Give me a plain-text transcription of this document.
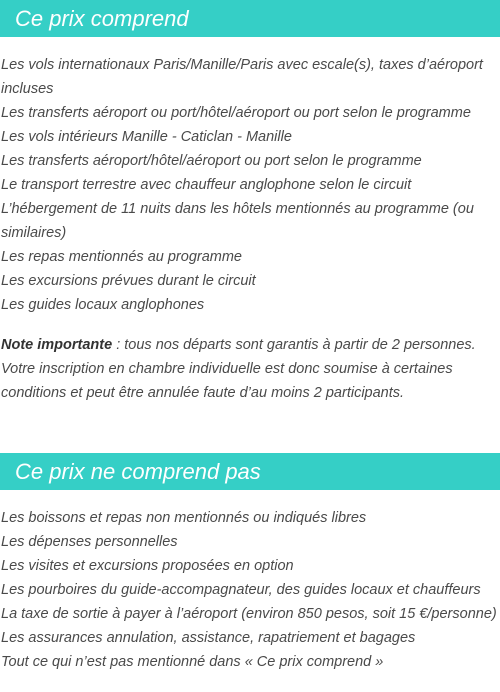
Ce prix comprend
Les vols internationaux Paris/Manille/Paris avec escale(s), taxes d’aéroport incluses
Les transferts aéroport ou port/hôtel/aéroport ou port selon le programme
Les vols intérieurs Manille - Caticlan - Manille
Les transferts aéroport/hôtel/aéroport ou port selon le programme
Le transport terrestre avec chauffeur anglophone selon le circuit
L’hébergement de 11 nuits dans les hôtels mentionnés au programme (ou similaires)
Les repas mentionnés au programme
Les excursions prévues durant le circuit
Les guides locaux anglophones
Note importante : tous nos départs sont garantis à partir de 2 personnes. Votre inscription en chambre individuelle est donc soumise à certaines conditions et peut être annulée faute d’au moins 2 participants.
Ce prix ne comprend pas
Les boissons et repas non mentionnés ou indiqués libres
Les dépenses personnelles
Les visites et excursions proposées en option
Les pourboires du guide-accompagnateur, des guides locaux et chauffeurs
La taxe de sortie à payer à l’aéroport (environ 850 pesos, soit 15 €/personne)
Les assurances annulation, assistance, rapatriement et bagages
Tout ce qui n’est pas mentionné dans « Ce prix comprend »
